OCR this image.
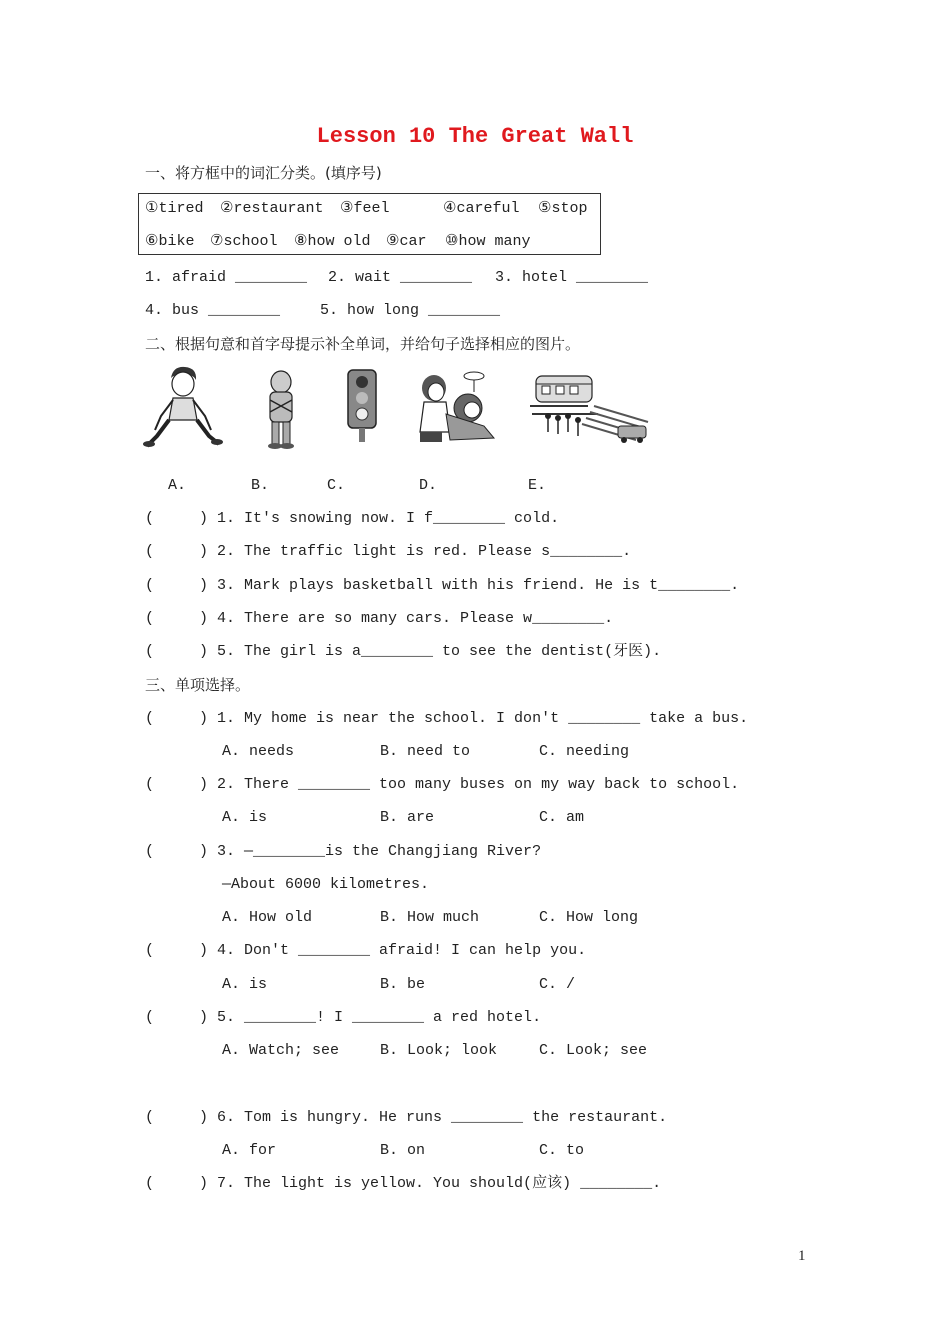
Lesson 10 The Great Wall
一、将方框中的词汇分类。(填序号)
①tired ②restaurant ③feel	④careful ⑤stop
⑥bike ⑦school ⑧how old ⑨car ⑩how many
1. afraid ________ 2. wait ________ 3. hotel ________
4. bus ________	5. how long ________
二、根据句意和首字母提示补全单词，并给句子选择相应的图片。
A.	B.	C.	D.	E.
(     ) 1. It's snowing now. I f________ cold.
(     ) 2. The traffic light is red. Please s________.
(     ) 3. Mark plays basketball with his friend. He is t________.
(     ) 4. There are so many cars. Please w________.
(     ) 5. The girl is a________ to see the dentist(牙医).
三、单项选择。
(     ) 1. My home is near the school. I don't ________ take a bus.
A. needs	B. need to	C. needing
(     ) 2. There ________ too many buses on my way back to school.
A. is	B. are	C. am
(     ) 3. —________is the Changjiang River?
—About 6000 kilometres.
A. How old	B. How much	C. How long
(     ) 4. Don't ________ afraid! I can help you.
A. is	B. be	C. /
(     ) 5. ________! I ________ a red hotel.
A. Watch; see	B. Look; look	C. Look; see
(     ) 6. Tom is hungry. He runs ________ the restaurant.
A. for	B. on	C. to
(     ) 7. The light is yellow. You should(应该) ________.
1
